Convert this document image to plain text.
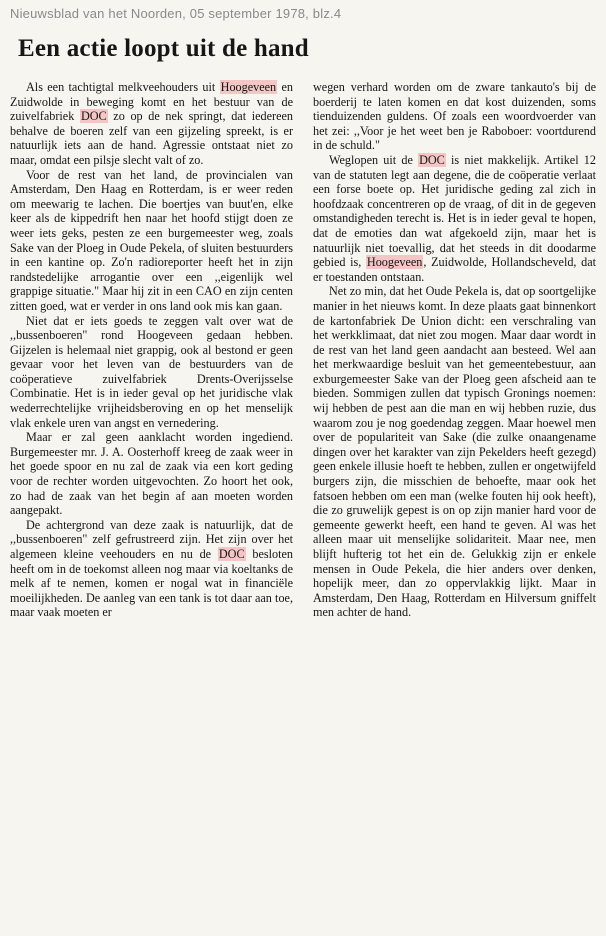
Nieuwsblad van het Noorden, 05 september 1978, blz.4
Een actie loopt uit de hand

Als een tachtigtal melkveehouders uit Hoogeveen en Zuidwolde in beweging komt en het bestuur van de zuivelfabriek DOC zo op de nek springt, dat iedereen behalve de boeren zelf van een gijzeling spreekt, is er natuurlijk iets aan de hand. Agressie ontstaat niet zo maar, omdat een pilsje slecht valt of zo.

Voor de rest van het land, de provincialen van Amsterdam, Den Haag en Rotterdam, is er weer reden om meewarig te lachen. Die boertjes van buut'en, elke keer als de kippedrift hen naar het hoofd stijgt doen ze weer iets geks, pesten ze een burgemeester weg, zoals Sake van der Ploeg in Oude Pekela, of sluiten bestuurders in een kantine op. Zo'n radioreporter heeft het in zijn randstedelijke arrogantie over een ,,eigenlijk wel grappige situatie." Maar hij zit in een CAO en zijn centen zitten goed, wat er verder in ons land ook mis kan gaan.

Niet dat er iets goeds te zeggen valt over wat de ,,bussenboeren" rond Hoogeveen gedaan hebben. Gijzelen is helemaal niet grappig, ook al bestond er geen gevaar voor het leven van de bestuurders van de coöperatieve zuivelfabriek Drents-Overijsselse Combinatie. Het is in ieder geval op het juridische vlak wederrechtelijke vrijheidsberoving en op het menselijk vlak enkele uren van angst en vernedering.

Maar er zal geen aanklacht worden ingediend. Burgemeester mr. J. A. Oosterhoff kreeg de zaak weer in het goede spoor en nu zal de zaak via een kort geding voor de rechter worden uitgevochten. Zo hoort het ook, zo had de zaak van het begin af aan moeten worden aangepakt.

De achtergrond van deze zaak is natuurlijk, dat de ,,bussenboeren" zelf gefrustreerd zijn. Het zijn over het algemeen kleine veehouders en nu de DOC besloten heeft om in de toekomst alleen nog maar via koeltanks de melk af te nemen, komen er nogal wat in financiële moeilijkheden. De aanleg van een tank is tot daar aan toe, maar vaak moeten er

wegen verhard worden om de zware tankauto's bij de boerderij te laten komen en dat kost duizenden, soms tienduizenden guldens. Of zoals een woordvoerder van het zei: ,,Voor je het weet ben je Raboboer: voortdurend in de schuld."

Weglopen uit de DOC is niet makkelijk. Artikel 12 van de statuten legt aan degene, die de coöperatie verlaat een forse boete op. Het juridische geding zal zich in hoofdzaak concentreren op de vraag, of dit in de gegeven omstandigheden terecht is. Het is in ieder geval te hopen, dat de emoties dan wat afgekoeld zijn, maar het is natuurlijk niet toevallig, dat het steeds in dit doodarme gebied is, Hoogeveen, Zuidwolde, Hollandscheveld, dat er toestanden ontstaan.

Net zo min, dat het Oude Pekela is, dat op soortgelijke manier in het nieuws komt. In deze plaats gaat binnenkort de kartonfabriek De Union dicht: een verschraling van het werkklimaat, dat niet zou mogen. Maar daar wordt in de rest van het land geen aandacht aan besteed. Wel aan het merkwaardige besluit van het gemeentebestuur, aan exburgemeester Sake van der Ploeg geen afscheid aan te bieden. Sommigen zullen dat typisch Gronings noemen: wij hebben de pest aan die man en wij hebben ruzie, dus waarom zou je nog goedendag zeggen. Maar hoewel men over de populariteit van Sake (die zulke onaangename dingen over het karakter van zijn Pekelders heeft gezegd) geen enkele illusie hoeft te hebben, zullen er ongetwijfeld burgers zijn, die misschien de behoefte, maar ook het fatsoen hebben om een man (welke fouten hij ook heeft), die zo gruwelijk gepest is on op zijn manier hard voor de gemeente gewerkt heeft, een hand te geven. Al was het alleen maar uit menselijke solidariteit. Maar nee, men blijft hufterig tot het ein de. Gelukkig zijn er enkele mensen in Oude Pekela, die hier anders over denken, hopelijk meer, dan zo oppervlakkig lijkt. Maar in Amsterdam, Den Haag, Rotterdam en Hilversum gniffelt men achter de hand.
